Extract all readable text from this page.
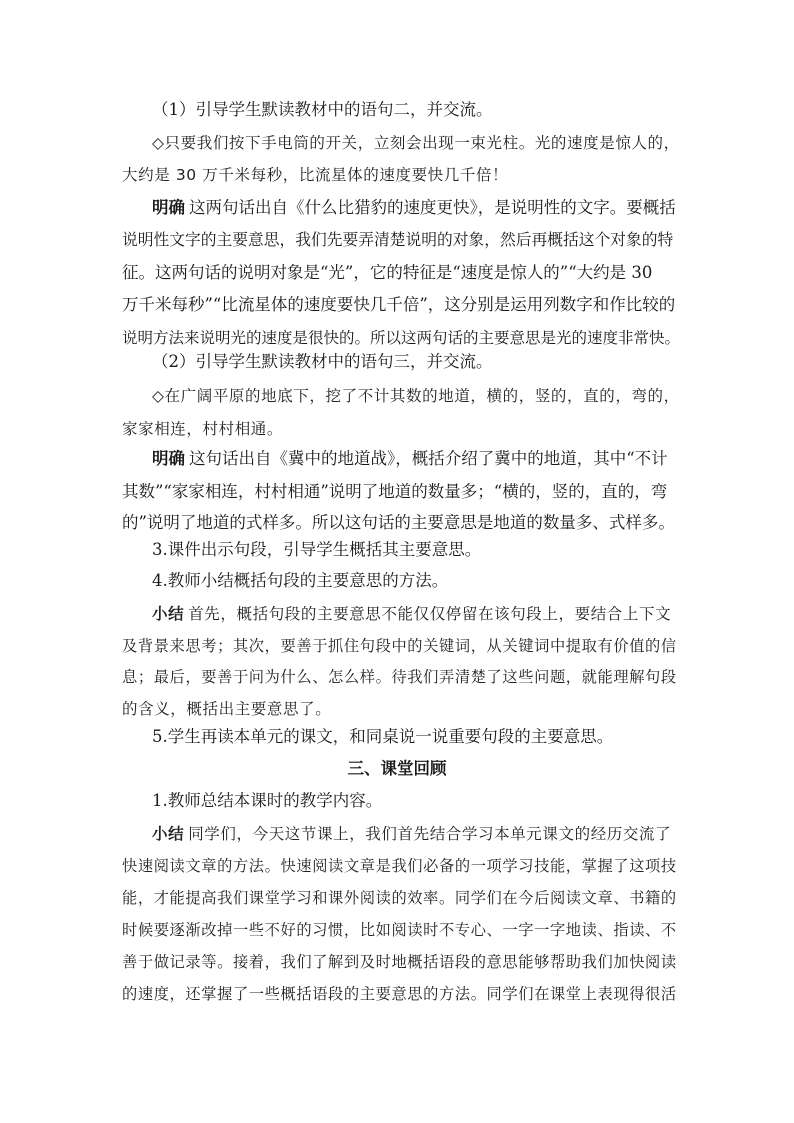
（1）引导学生默读教材中的语句二，并交流。
◇只要我们按下手电筒的开关，立刻会出现一束光柱。光的速度是惊人的，
大约是 30 万千米每秒，比流星体的速度要快几千倍！
明确 这两句话出自《什么比猎豹的速度更快》，是说明性的文字。要概括
说明性文字的主要意思，我们先要弄清楚说明的对象，然后再概括这个对象的特
征。这两句话的说明对象是“光”，它的特征是“速度是惊人的”“大约是 30
万千米每秒”“比流星体的速度要快几千倍”，这分别是运用列数字和作比较的
说明方法来说明光的速度是很快的。所以这两句话的主要意思是光的速度非常快。
（2）引导学生默读教材中的语句三，并交流。
◇在广阔平原的地底下，挖了不计其数的地道，横的，竖的，直的，弯的，
家家相连，村村相通。
明确 这句话出自《冀中的地道战》，概括介绍了冀中的地道，其中“不计
其数”“家家相连，村村相通”说明了地道的数量多；“横的，竖的，直的，弯
的”说明了地道的式样多。所以这句话的主要意思是地道的数量多、式样多。
3.课件出示句段，引导学生概括其主要意思。
4.教师小结概括句段的主要意思的方法。
小结 首先，概括句段的主要意思不能仅仅停留在该句段上，要结合上下文
及背景来思考；其次，要善于抓住句段中的关键词，从关键词中提取有价值的信
息；最后，要善于问为什么、怎么样。待我们弄清楚了这些问题，就能理解句段
的含义，概括出主要意思了。
5.学生再读本单元的课文，和同桌说一说重要句段的主要意思。
三、课堂回顾
1.教师总结本课时的教学内容。
小结 同学们，今天这节课上，我们首先结合学习本单元课文的经历交流了
快速阅读文章的方法。快速阅读文章是我们必备的一项学习技能，掌握了这项技
能，才能提高我们课堂学习和课外阅读的效率。同学们在今后阅读文章、书籍的
时候要逐渐改掉一些不好的习惯，比如阅读时不专心、一字一字地读、指读、不
善于做记录等。接着，我们了解到及时地概括语段的意思能够帮助我们加快阅读
的速度，还掌握了一些概括语段的主要意思的方法。同学们在课堂上表现得很活
